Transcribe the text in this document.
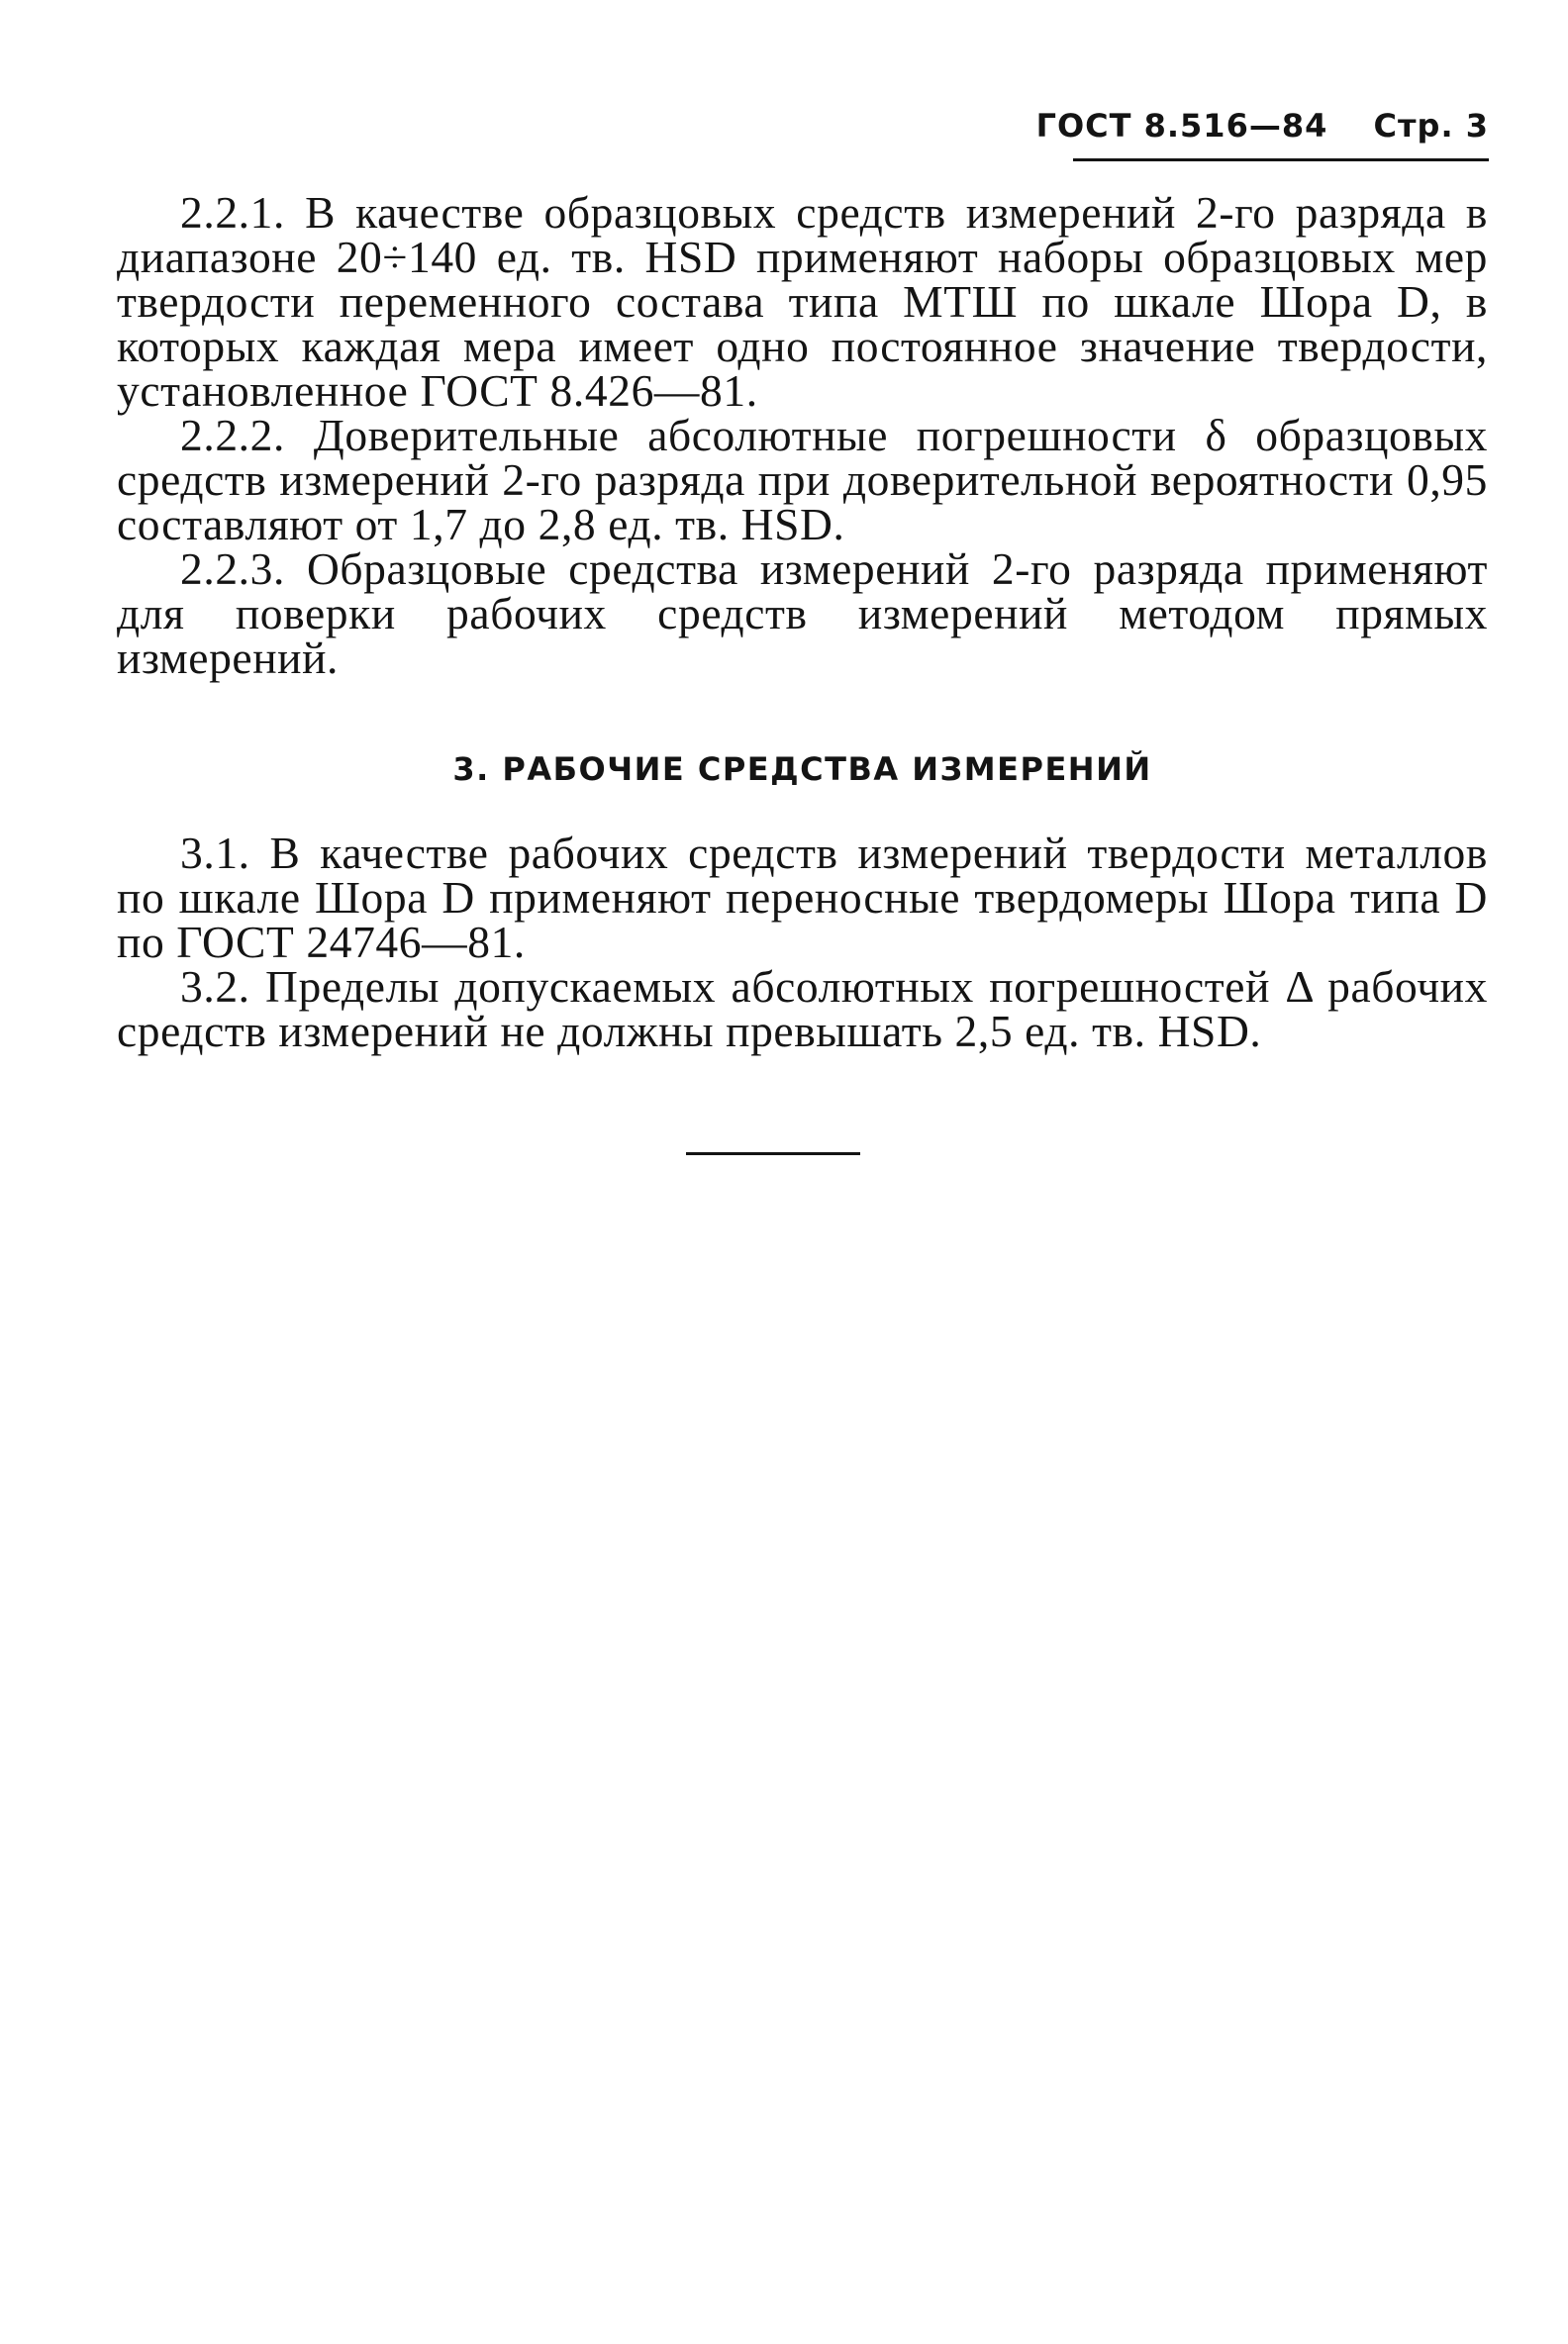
ГОСТ 8.516—84 Стр. 3

2.2.1. В качестве образцовых средств измерений 2-го разряда в диапазоне 20÷140 ед. тв. HSD применяют наборы образцовых мер твердости переменного состава типа МТШ по шкале Шора D, в которых каждая мера имеет одно постоянное значение твердости, установленное ГОСТ 8.426—81.

2.2.2. Доверительные абсолютные погрешности δ образцовых средств измерений 2-го разряда при доверительной вероятности 0,95 составляют от 1,7 до 2,8 ед. тв. HSD.

2.2.3. Образцовые средства измерений 2-го разряда применяют для поверки рабочих средств измерений методом прямых измерений.

3. РАБОЧИЕ СРЕДСТВА ИЗМЕРЕНИЙ

3.1. В качестве рабочих средств измерений твердости металлов по шкале Шора D применяют переносные твердомеры Шора типа D по ГОСТ 24746—81.

3.2. Пределы допускаемых абсолютных погрешностей Δ рабочих средств измерений не должны превышать 2,5 ед. тв. HSD.
